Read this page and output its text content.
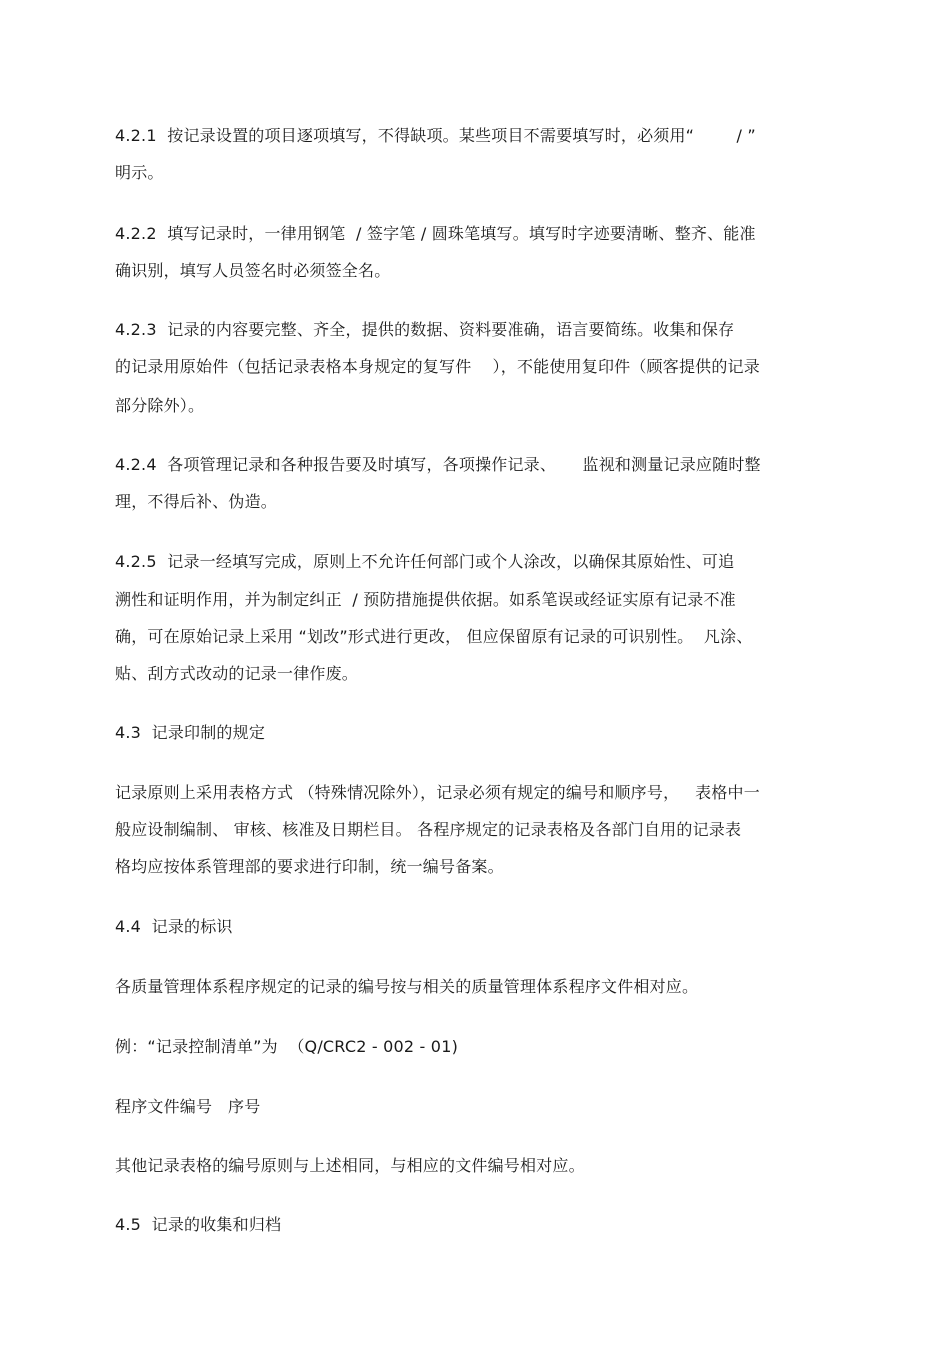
4.2.1  按记录设置的项目逐项填写，不得缺项。某些项目不需要填写时，必须用“        / ”
明示。
4.2.2  填写记录时，一律用钢笔  / 签字笔 / 圆珠笔填写。填写时字迹要清晰、整齐、能准
确识别，填写人员签名时必须签全名。
4.2.3  记录的内容要完整、齐全，提供的数据、资料要准确，语言要简练。收集和保存
的记录用原始件（包括记录表格本身规定的复写件    ），不能使用复印件（顾客提供的记录
部分除外）。
4.2.4  各项管理记录和各种报告要及时填写，各项操作记录、     监视和测量记录应随时整
理，不得后补、伪造。
4.2.5  记录一经填写完成，原则上不允许任何部门或个人涂改，以确保其原始性、可追
溯性和证明作用，并为制定纠正  / 预防措施提供依据。如系笔误或经证实原有记录不准
确，可在原始记录上采用 “划改”形式进行更改， 但应保留原有记录的可识别性。  凡涂、
贴、刮方式改动的记录一律作废。
4.3  记录印制的规定
记录原则上采用表格方式 （特殊情况除外），记录必须有规定的编号和顺序号，   表格中一
般应设制编制、 审核、核准及日期栏目。 各程序规定的记录表格及各部门自用的记录表
格均应按体系管理部的要求进行印制，统一编号备案。
4.4  记录的标识
各质量管理体系程序规定的记录的编号按与相关的质量管理体系程序文件相对应。
例：“记录控制清单”为  （Q/CRC2 - 002 - 01)
程序文件编号   序号
其他记录表格的编号原则与上述相同，与相应的文件编号相对应。
4.5  记录的收集和归档
